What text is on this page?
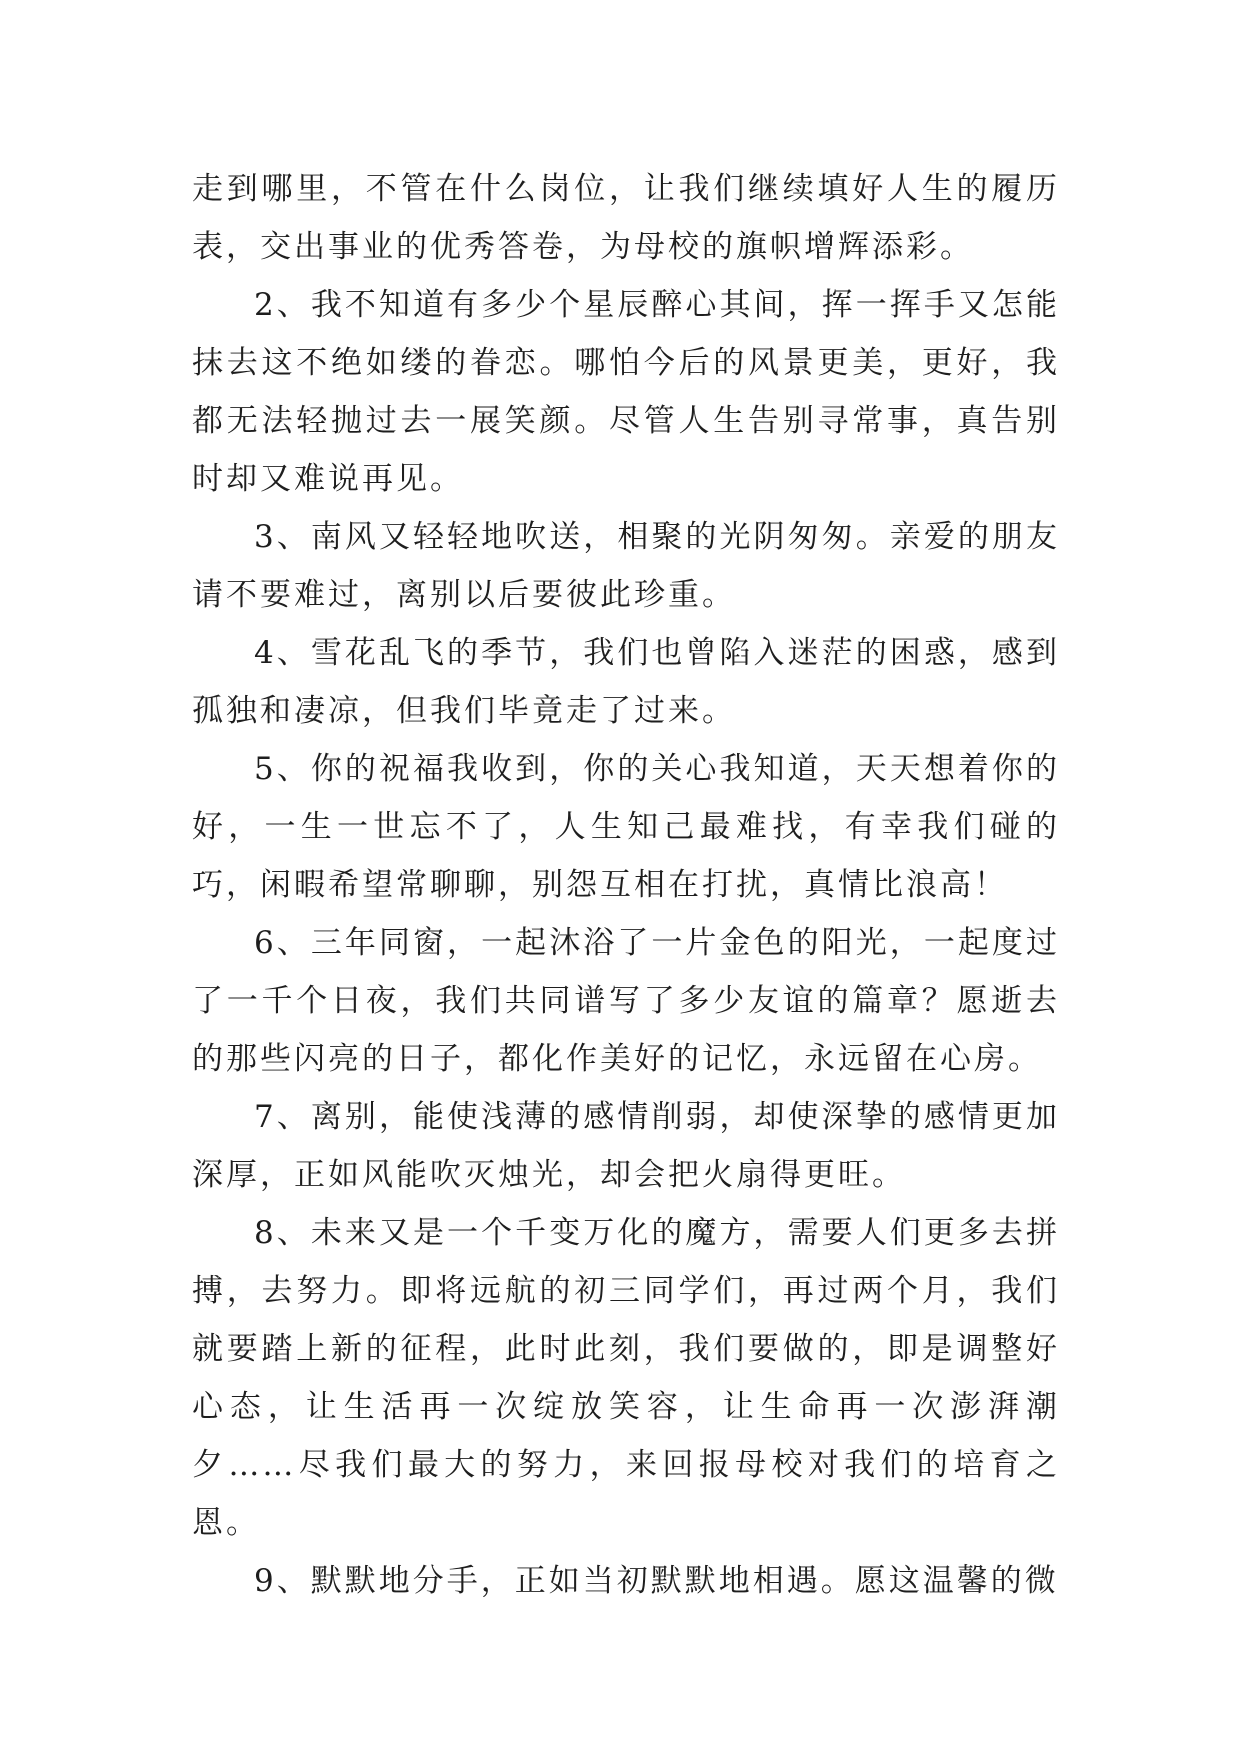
走到哪里，不管在什么岗位，让我们继续填好人生的履历表，交出事业的优秀答卷，为母校的旗帜增辉添彩。

2、我不知道有多少个星辰醉心其间，挥一挥手又怎能抹去这不绝如缕的眷恋。哪怕今后的风景更美，更好，我都无法轻抛过去一展笑颜。尽管人生告别寻常事，真告别时却又难说再见。

3、南风又轻轻地吹送，相聚的光阴匆匆。亲爱的朋友请不要难过，离别以后要彼此珍重。

4、雪花乱飞的季节，我们也曾陷入迷茫的困惑，感到孤独和凄凉，但我们毕竟走了过来。

5、你的祝福我收到，你的关心我知道，天天想着你的好，一生一世忘不了，人生知己最难找，有幸我们碰的巧，闲暇希望常聊聊，别怨互相在打扰，真情比浪高！

6、三年同窗，一起沐浴了一片金色的阳光，一起度过了一千个日夜，我们共同谱写了多少友谊的篇章？愿逝去的那些闪亮的日子，都化作美好的记忆，永远留在心房。

7、离别，能使浅薄的感情削弱，却使深挚的感情更加深厚，正如风能吹灭烛光，却会把火扇得更旺。

8、未来又是一个千变万化的魔方，需要人们更多去拼搏，去努力。即将远航的初三同学们，再过两个月，我们就要踏上新的征程，此时此刻，我们要做的，即是调整好心态，让生活再一次绽放笑容，让生命再一次澎湃潮夕……尽我们最大的努力，来回报母校对我们的培育之恩。

9、默默地分手，正如当初默默地相遇。愿这温馨的微
